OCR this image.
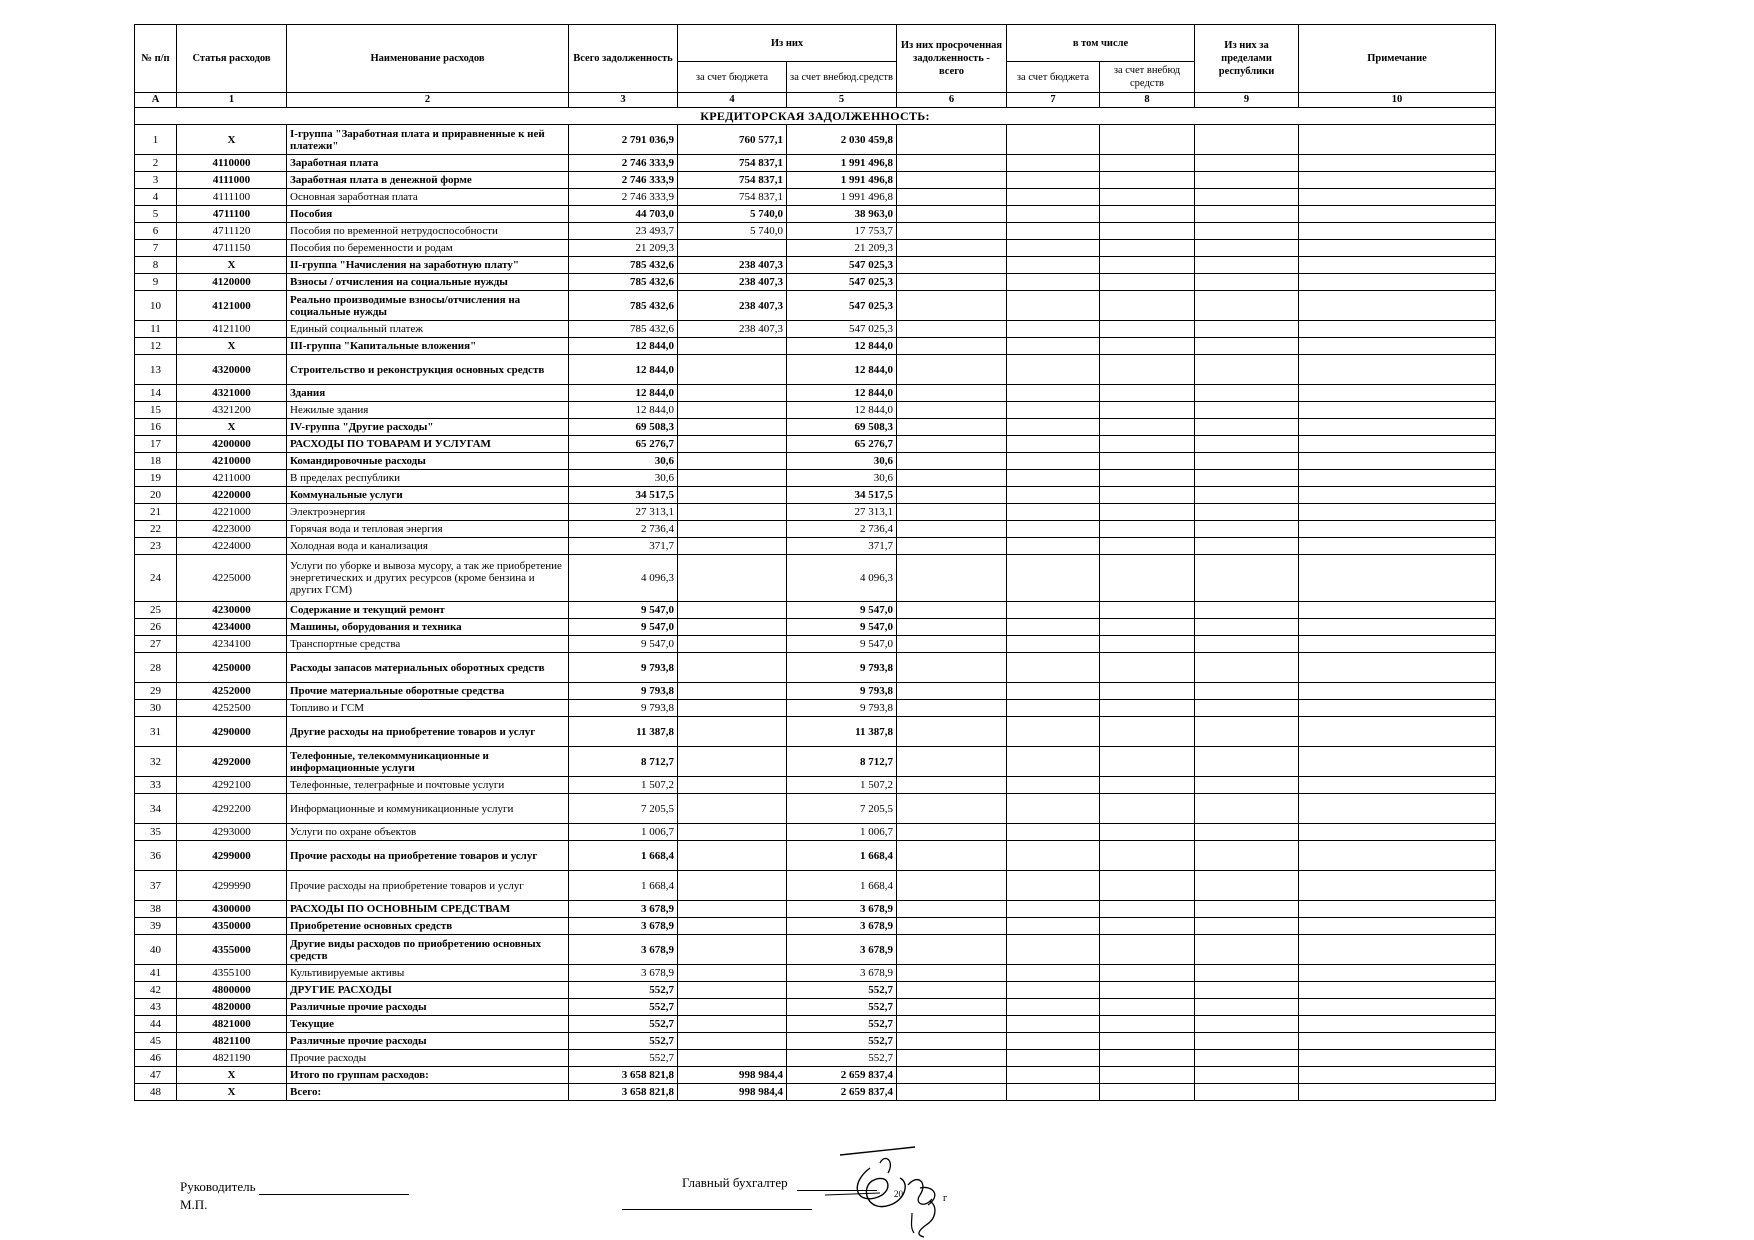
№ п/п	Статья расходов	Наименование расходов	Всего задолженность	Из них		Из них просроченная задолженность - всего	в том числе		Из них за пределами республики	Примечание
				за счет бюджета	за счет внебюд.средств		за счет бюджета	за счет внебюд средств		
А	1	2	3	4	5	6	7	8	9	10
КРЕДИТОРСКАЯ ЗАДОЛЖЕННОСТЬ:										
1	X	I-группа "Заработная плата и приравненные к ней платежи"	2 791 036,9	760 577,1	2 030 459,8					
2	4110000	Заработная плата	2 746 333,9	754 837,1	1 991 496,8					
3	4111000	Заработная плата в денежной форме	2 746 333,9	754 837,1	1 991 496,8					
4	4111100	Основная заработная плата	2 746 333,9	754 837,1	1 991 496,8					
5	4711100	Пособия	44 703,0	5 740,0	38 963,0					
6	4711120	Пособия по временной нетрудоспособности	23 493,7	5 740,0	17 753,7					
7	4711150	Пособия по беременности и родам	21 209,3		21 209,3					
8	X	II-группа "Начисления на заработную плату"	785 432,6	238 407,3	547 025,3					
9	4120000	Взносы / отчисления на социальные нужды	785 432,6	238 407,3	547 025,3					
10	4121000	Реально производимые взносы/отчисления на социальные нужды	785 432,6	238 407,3	547 025,3					
11	4121100	Единый социальный платеж	785 432,6	238 407,3	547 025,3					
12	X	III-группа "Капитальные вложения"	12 844,0		12 844,0					
13	4320000	Строительство и реконструкция основных средств	12 844,0		12 844,0					
14	4321000	Здания	12 844,0		12 844,0					
15	4321200	Нежилые здания	12 844,0		12 844,0					
16	X	IV-группа "Другие расходы"	69 508,3		69 508,3					
17	4200000	РАСХОДЫ ПО ТОВАРАМ И УСЛУГАМ	65 276,7		65 276,7					
18	4210000	Командировочные расходы	30,6		30,6					
19	4211000	В пределах республики	30,6		30,6					
20	4220000	Коммунальные услуги	34 517,5		34 517,5					
21	4221000	Электроэнергия	27 313,1		27 313,1					
22	4223000	Горячая вода и тепловая энергия	2 736,4		2 736,4					
23	4224000	Холодная вода и канализация	371,7		371,7					
24	4225000	Услуги по уборке и вывоза мусору, а так же приобретение энергетических и других ресурсов (кроме бензина и других ГСМ)	4 096,3		4 096,3					
25	4230000	Содержание и текущий ремонт	9 547,0		9 547,0					
26	4234000	Машины, оборудования и техника	9 547,0		9 547,0					
27	4234100	Транспортные средства	9 547,0		9 547,0					
28	4250000	Расходы запасов материальных оборотных средств	9 793,8		9 793,8					
29	4252000	Прочие материальные оборотные средства	9 793,8		9 793,8					
30	4252500	Топливо и ГСМ	9 793,8		9 793,8					
31	4290000	Другие расходы на приобретение товаров и услуг	11 387,8		11 387,8					
32	4292000	Телефонные, телекоммуникационные и информационные услуги	8 712,7		8 712,7					
33	4292100	Телефонные, телеграфные и почтовые услуги	1 507,2		1 507,2					
34	4292200	Информационные и коммуникационные услуги	7 205,5		7 205,5					
35	4293000	Услуги по охране объектов	1 006,7		1 006,7					
36	4299000	Прочие расходы на приобретение товаров и услуг	1 668,4		1 668,4					
37	4299990	Прочие расходы на приобретение товаров и услуг	1 668,4		1 668,4					
38	4300000	РАСХОДЫ ПО ОСНОВНЫМ СРЕДСТВАМ	3 678,9		3 678,9					
39	4350000	Приобретение основных средств	3 678,9		3 678,9					
40	4355000	Другие виды расходов по приобретению основных средств	3 678,9		3 678,9					
41	4355100	Культивируемые активы	3 678,9		3 678,9					
42	4800000	ДРУГИЕ РАСХОДЫ	552,7		552,7					
43	4820000	Различные прочие расходы	552,7		552,7					
44	4821000	Текущие	552,7		552,7					
45	4821100	Различные прочие расходы	552,7		552,7					
46	4821190	Прочие расходы	552,7		552,7					
47	X	Итого по группам расходов:	3 658 821,8	998 984,4	2 659 837,4					
48	X	Всего:	3 658 821,8	998 984,4	2 659 837,4					
Руководитель
М.П.
Главный бухгалтер
20	г
